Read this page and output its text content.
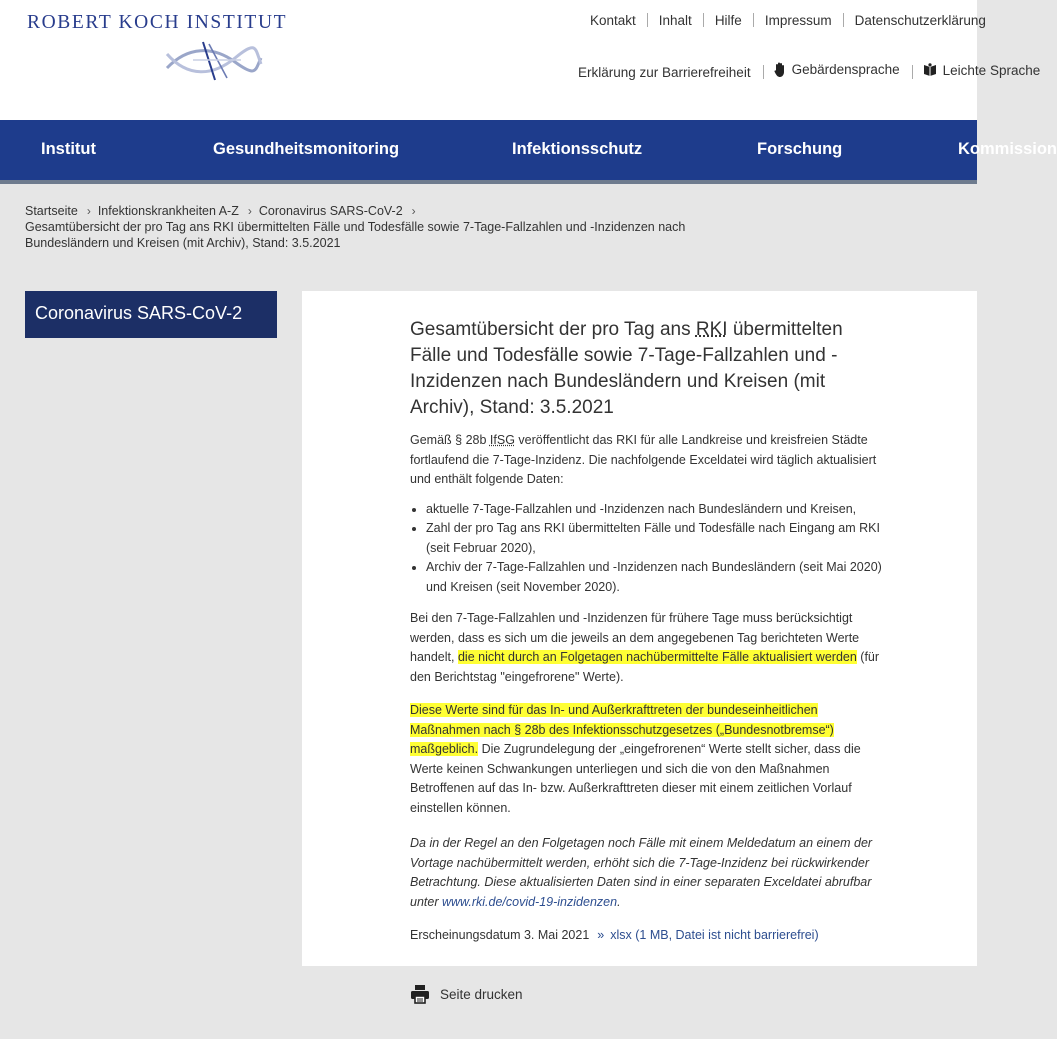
ROBERT KOCH INSTITUT	Kontakt Inhalt Hilfe Impressum Datenschutzerklärung
Erklärung zur Barrierefreiheit	Gebärdensprache	Leichte Sprache
Institut	Gesundheitsmonitoring	Infektionsschutz	Forschung	Kommission
Startseite › Infektionskrankheiten A-Z › Coronavirus SARS-CoV-2 ›
Gesamtübersicht der pro Tag ans RKI übermittelten Fälle und Todesfälle sowie 7-Tage-Fallzahlen und -Inzidenzen nach Bundesländern und Kreisen (mit Archiv), Stand: 3.5.2021
Coronavirus SARS-CoV-2
Gesamtübersicht der pro Tag ans RKI übermittelten Fälle und Todesfälle sowie 7-Tage-Fallzahlen und -Inzidenzen nach Bundesländern und Kreisen (mit Archiv), Stand: 3.5.2021

Gemäß § 28b IfSG veröffentlicht das RKI für alle Landkreise und kreisfreien Städte fortlaufend die 7-Tage-Inzidenz. Die nachfolgende Exceldatei wird täglich aktualisiert und enthält folgende Daten:

• aktuelle 7-Tage-Fallzahlen und -Inzidenzen nach Bundesländern und Kreisen,
• Zahl der pro Tag ans RKI übermittelten Fälle und Todesfälle nach Eingang am RKI (seit Februar 2020),
• Archiv der 7-Tage-Fallzahlen und -Inzidenzen nach Bundesländern (seit Mai 2020) und Kreisen (seit November 2020).

Bei den 7-Tage-Fallzahlen und -Inzidenzen für frühere Tage muss berücksichtigt werden, dass es sich um die jeweils an dem angegebenen Tag berichteten Werte handelt, die nicht durch an Folgetagen nachübermittelte Fälle aktualisiert werden (für den Berichtstag "eingefrorene" Werte).

Diese Werte sind für das In- und Außerkrafttreten der bundeseinheitlichen Maßnahmen nach § 28b des Infektionsschutzgesetzes („Bundesnotbremse“) maßgeblich. Die Zugrundelegung der „eingefrorenen“ Werte stellt sicher, dass die Werte keinen Schwankungen unterliegen und sich die von den Maßnahmen Betroffenen auf das In- bzw. Außerkrafttreten dieser mit einem zeitlichen Vorlauf einstellen können.

Da in der Regel an den Folgetagen noch Fälle mit einem Meldedatum an einem der Vortage nachübermittelt werden, erhöht sich die 7-Tage-Inzidenz bei rückwirkender Betrachtung. Diese aktualisierten Daten sind in einer separaten Exceldatei abrufbar unter www.rki.de/covid-19-inzidenzen.

Erscheinungsdatum 3. Mai 2021 » xlsx (1 MB, Datei ist nicht barrierefrei)

Seite drucken
